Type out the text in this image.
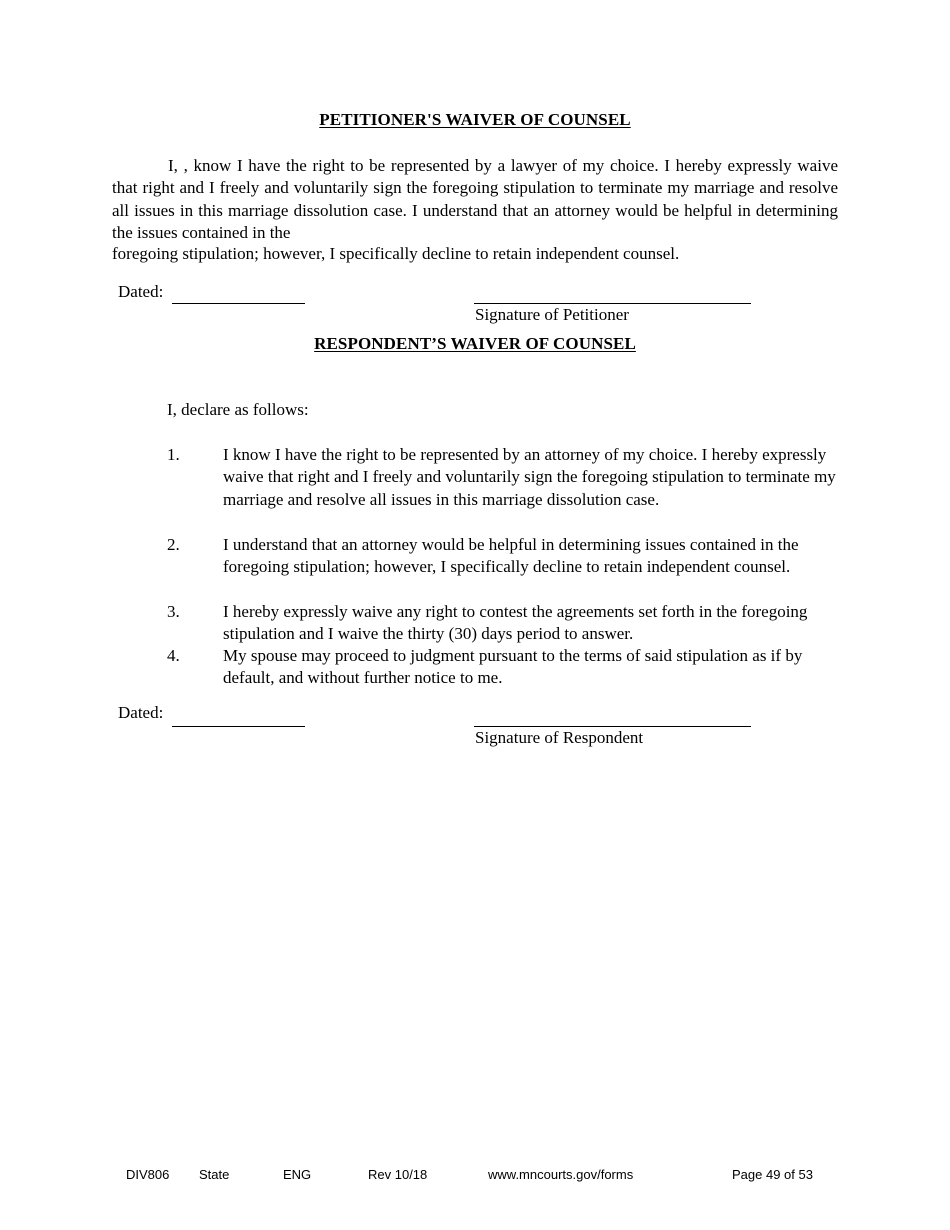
PETITIONER'S WAIVER OF COUNSEL
I, , know I have the right to be represented by a lawyer of my choice. I hereby expressly waive that right and I freely and voluntarily sign the foregoing stipulation to terminate my marriage and resolve all issues in this marriage dissolution case. I understand that an attorney would be helpful in determining the issues contained in the
foregoing stipulation; however, I specifically decline to retain independent counsel.
Dated:
Signature of Petitioner
RESPONDENT’S WAIVER OF COUNSEL
I, declare as follows:
1.	I know I have the right to be represented by an attorney of my choice. I hereby expressly waive that right and I freely and voluntarily sign the foregoing stipulation to terminate my marriage and resolve all issues in this marriage dissolution case.
2.	I understand that an attorney would be helpful in determining issues contained in the foregoing stipulation; however, I specifically decline to retain independent counsel.
3.	I hereby expressly waive any right to contest the agreements set forth in the foregoing stipulation and I waive the thirty (30) days period to answer.
4.	My spouse may proceed to judgment pursuant to the terms of said stipulation as if by default, and without further notice to me.
Dated:
Signature of Respondent
DIV806 State	ENG	Rev 10/18	www.mncourts.gov/forms	Page 49 of 53
